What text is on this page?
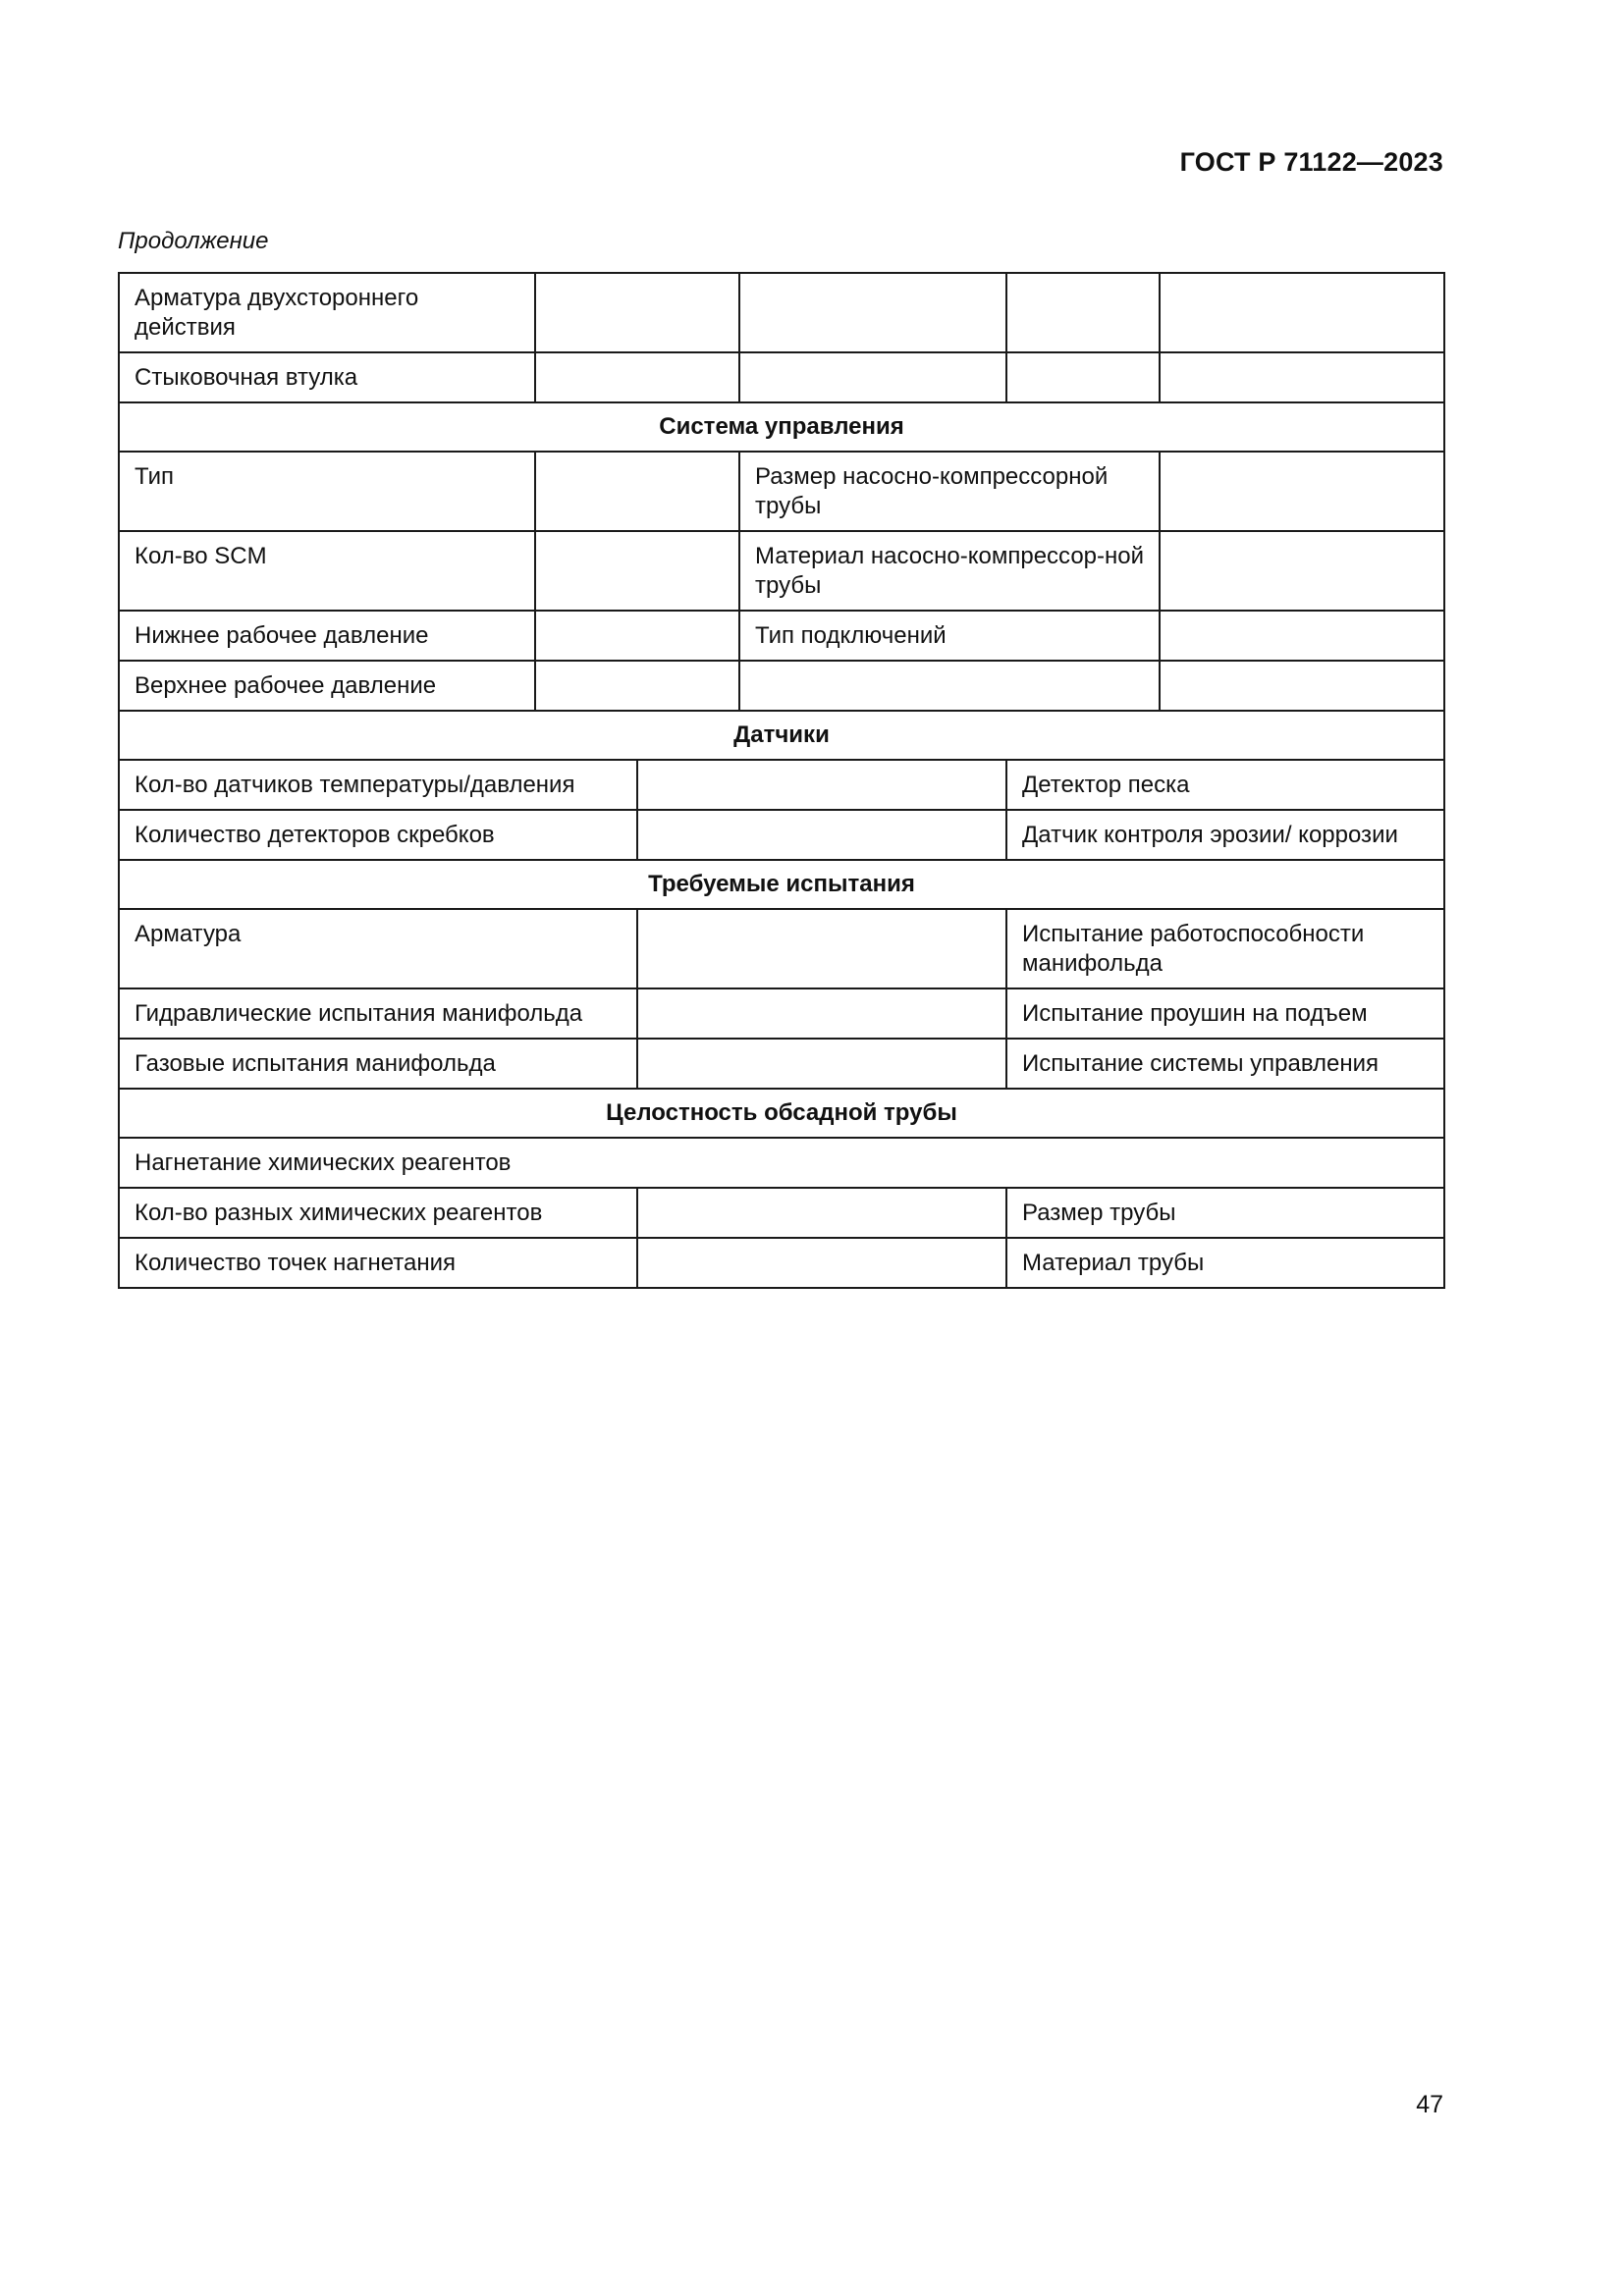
ГОСТ Р 71122—2023
Продолжение
Арматура двухстороннего действия					
Стыковочная втулка					
Система управления					
Тип			Размер насосно-компрессорной трубы		
Кол-во SCM			Материал насосно-компрессор-ной трубы		
Нижнее рабочее давление			Тип подключений		
Верхнее рабочее давление					
Датчики					
Кол-во датчиков температуры/давления				Детектор песка	
Количество детекторов скребков				Датчик контроля эрозии/ коррозии	
Требуемые испытания					
Арматура				Испытание работоспособности манифольда	
Гидравлические испытания манифольда				Испытание проушин на подъем	
Газовые испытания манифольда				Испытание системы управления	
Целостность обсадной трубы					
Нагнетание химических реагентов					
Кол-во разных химических реагентов				Размер трубы	
Количество точек нагнетания				Материал трубы	
47
